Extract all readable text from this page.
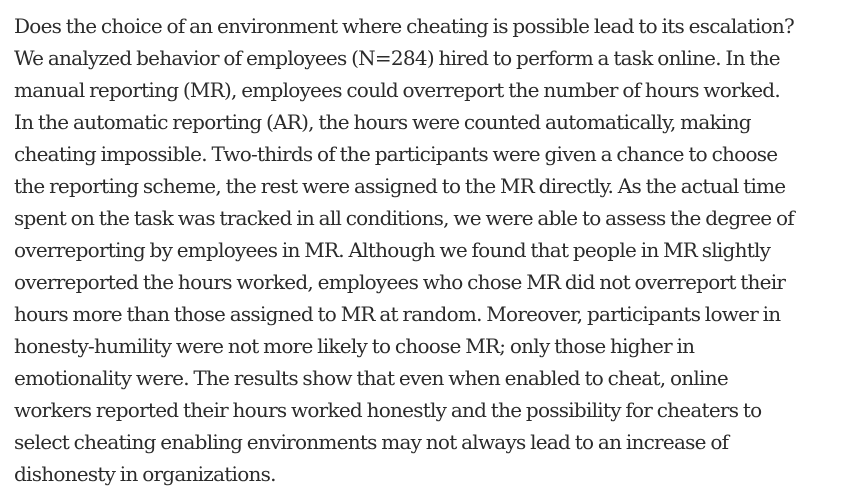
Does the choice of an environment where cheating is possible lead to its escalation?
We analyzed behavior of employees (N=284) hired to perform a task online. In the
manual reporting (MR), employees could overreport the number of hours worked.
In the automatic reporting (AR), the hours were counted automatically, making
cheating impossible. Two-thirds of the participants were given a chance to choose
the reporting scheme, the rest were assigned to the MR directly. As the actual time
spent on the task was tracked in all conditions, we were able to assess the degree of
overreporting by employees in MR. Although we found that people in MR slightly
overreported the hours worked, employees who chose MR did not overreport their
hours more than those assigned to MR at random. Moreover, participants lower in
honesty-humility were not more likely to choose MR; only those higher in
emotionality were. The results show that even when enabled to cheat, online
workers reported their hours worked honestly and the possibility for cheaters to
select cheating enabling environments may not always lead to an increase of
dishonesty in organizations.
